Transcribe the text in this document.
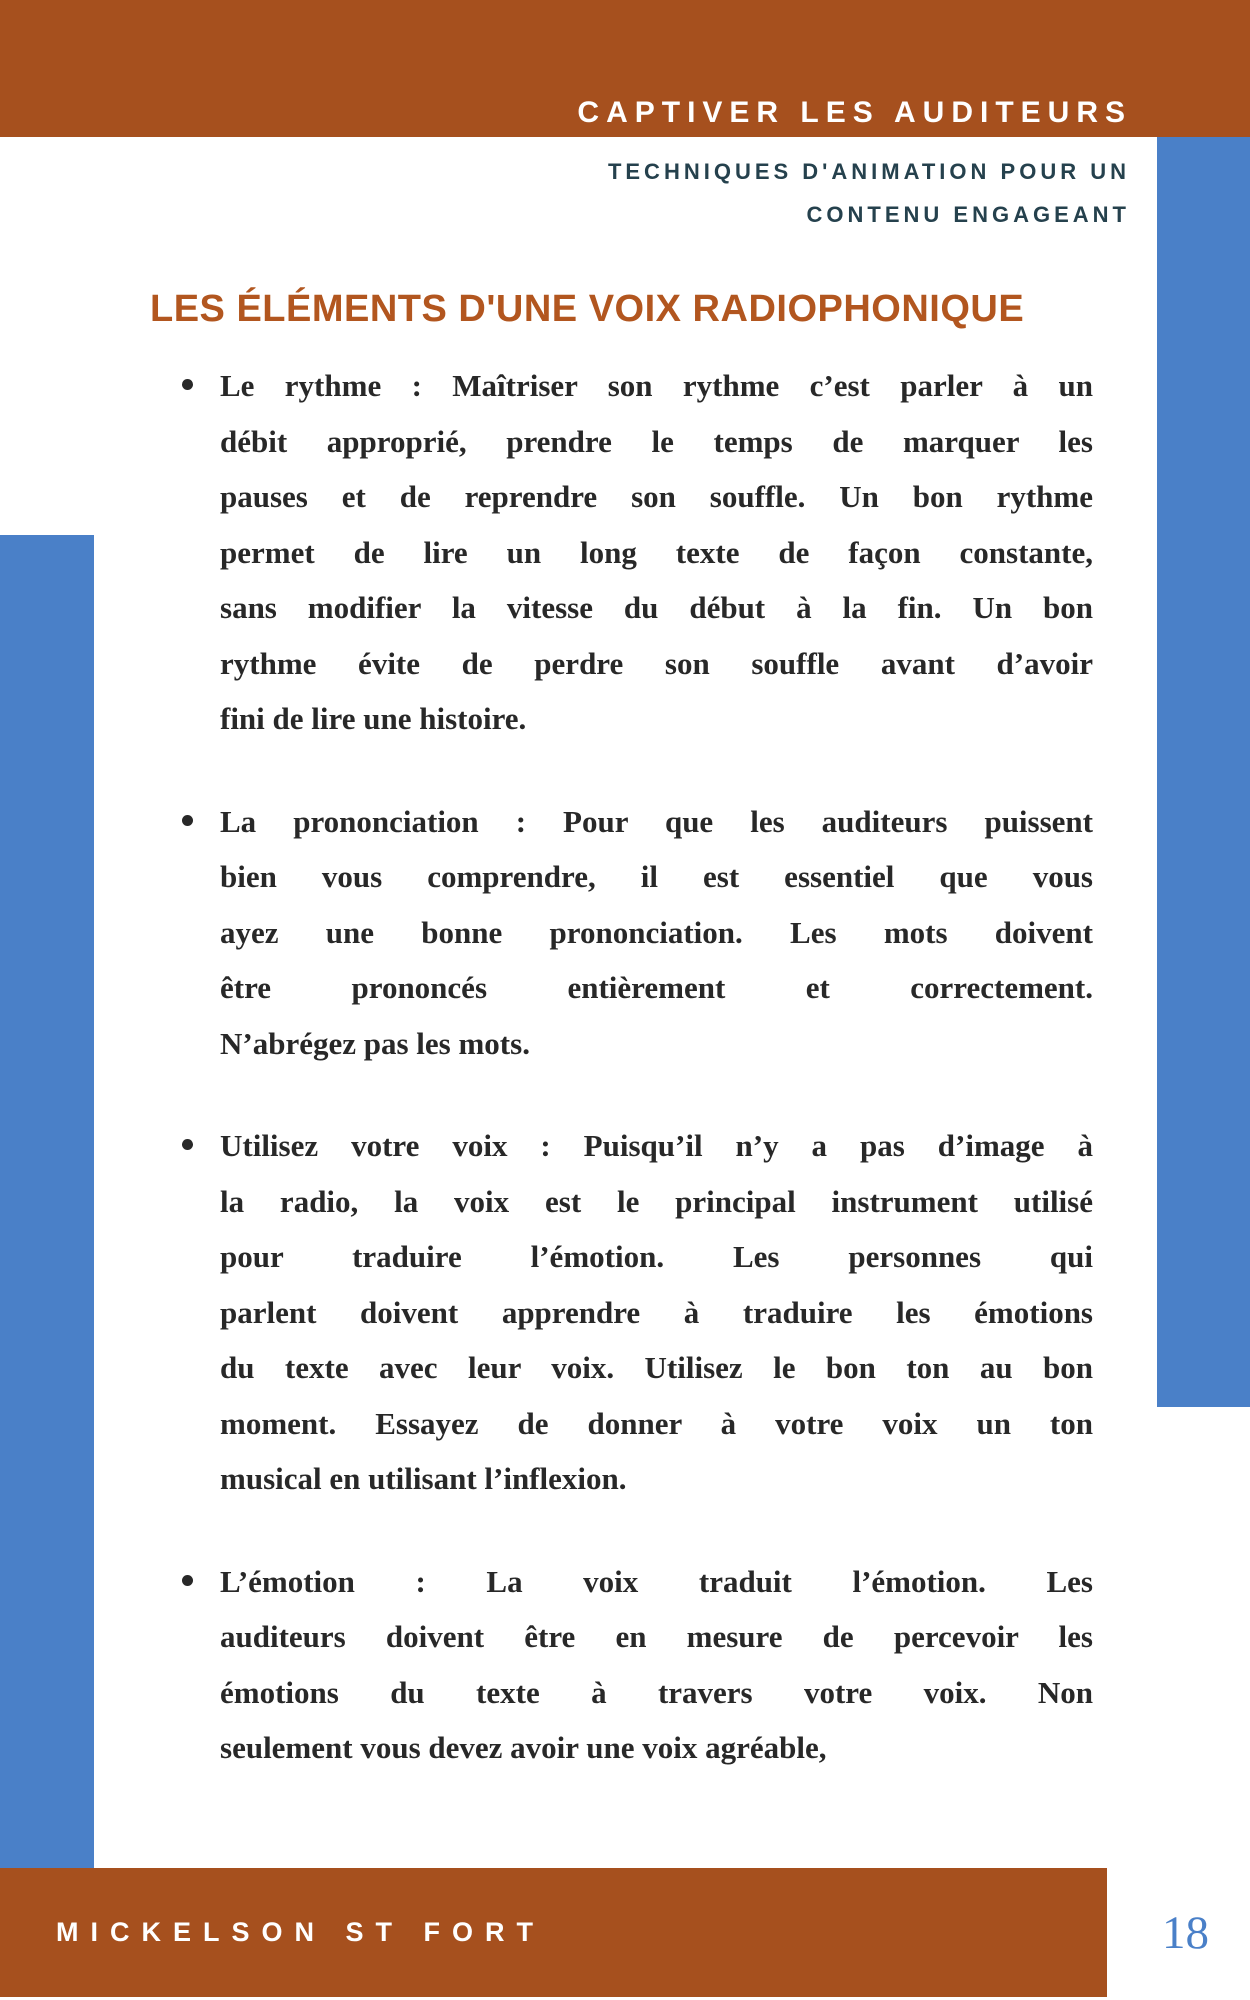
CAPTIVER LES AUDITEURS
TECHNIQUES D'ANIMATION POUR UN
CONTENU ENGAGEANT
LES ÉLÉMENTS D'UNE VOIX RADIOPHONIQUE
Le rythme : Maîtriser son rythme c’est parler à un
débit approprié, prendre le temps de marquer les
pauses et de reprendre son souffle. Un bon rythme
permet de lire un long texte de façon constante,
sans modifier la vitesse du début à la fin. Un bon
rythme évite de perdre son souffle avant d’avoir
fini de lire une histoire.
La prononciation : Pour que les auditeurs puissent
bien vous comprendre, il est essentiel que vous
ayez une bonne prononciation. Les mots doivent
être prononcés entièrement et correctement.
N’abrégez pas les mots.
Utilisez votre voix : Puisqu’il n’y a pas d’image à
la radio, la voix est le principal instrument utilisé
pour traduire l’émotion. Les personnes qui
parlent doivent apprendre à traduire les émotions
du texte avec leur voix. Utilisez le bon ton au bon
moment. Essayez de donner à votre voix un ton
musical en utilisant l’inflexion.
L’émotion : La voix traduit l’émotion. Les
auditeurs doivent être en mesure de percevoir les
émotions du texte à travers votre voix. Non
seulement vous devez avoir une voix agréable,
MICKELSON ST FORT	18
